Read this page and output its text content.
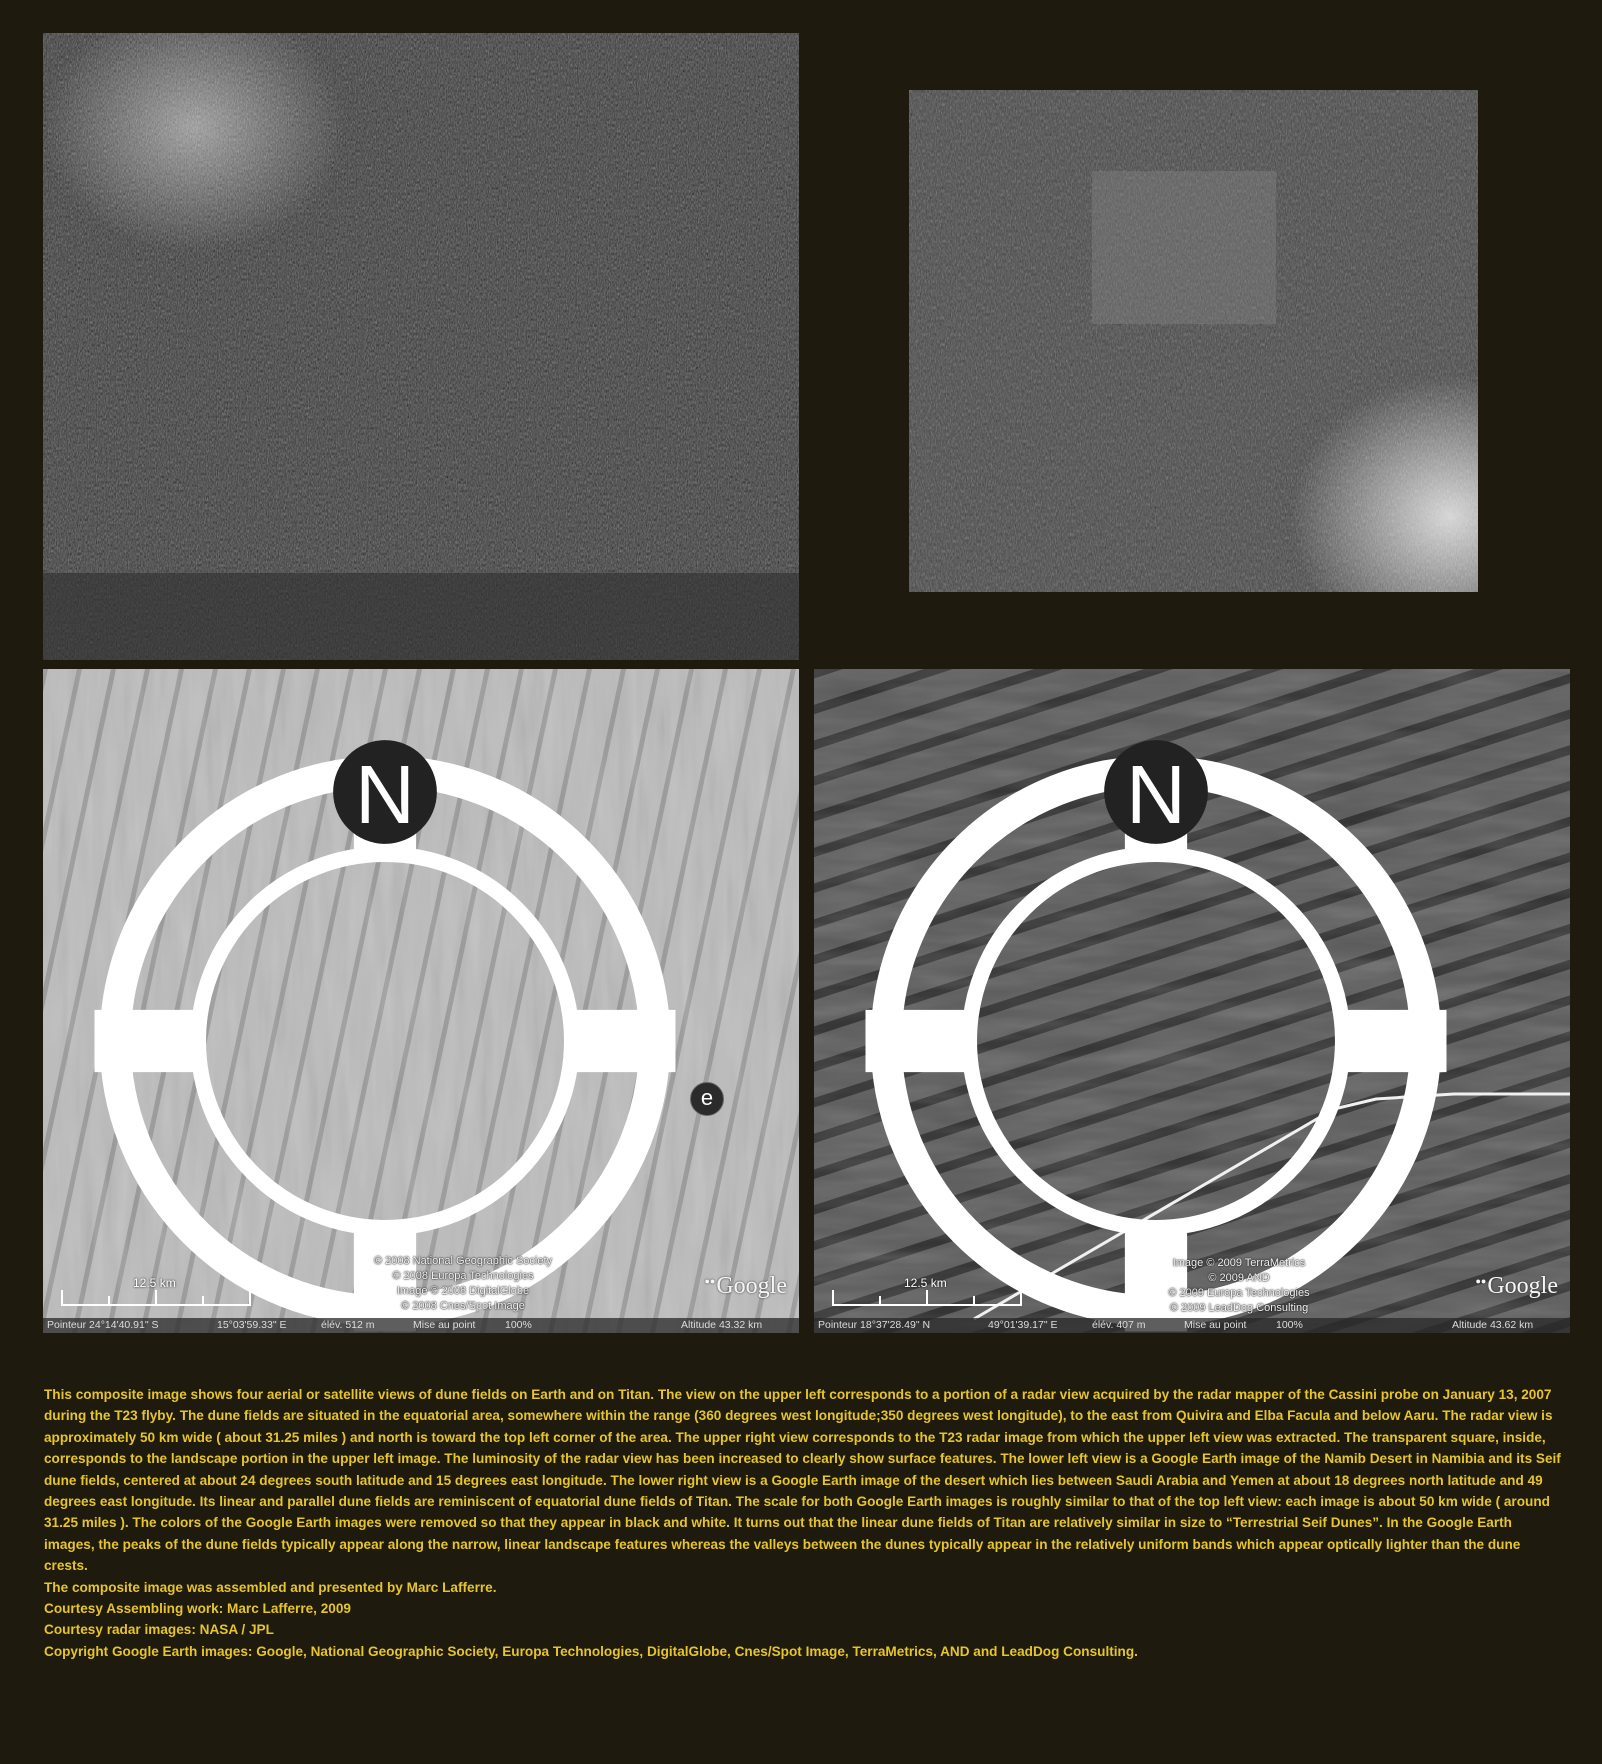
N
e
© 2008 National Geographic Society
© 2008 Europa Technologies
Image © 2008 DigitalGlobe
© 2008 Cnes/Spot Image
●●Google
12.5 km
Pointeur 24°14'40.91" S	15°03'59.33" E	élév. 512 m	Mise au point	100%	Altitude 43.32 km
N
Image © 2009 TerraMetrics
© 2009 AND
© 2009 Europa Technologies
© 2009 LeadDog Consulting
●●Google
12.5 km
Pointeur 18°37'28.49" N	49°01'39.17" E	élév. 407 m	Mise au point	100%	Altitude 43.62 km

This composite image shows four aerial or satellite views of dune fields on Earth and on Titan. The view on the upper left corresponds to a portion of a radar view acquired by the radar mapper of the Cassini probe on January 13, 2007 during the T23 flyby. The dune fields are situated in the equatorial area, somewhere within the range (360 degrees west longitude;350 degrees west longitude), to the east from Quivira and Elba Facula and below Aaru. The radar view is approximately 50 km wide ( about 31.25 miles ) and north is toward the top left corner of the area. The upper right view corresponds to the T23 radar image from which the upper left view was extracted. The transparent square, inside, corresponds to the landscape portion in the upper left image. The luminosity of the radar view has been increased to clearly show surface features. The lower left view is a Google Earth image of the Namib Desert in Namibia and its Seif dune fields, centered at about 24 degrees south latitude and 15 degrees east longitude. The lower right view is a Google Earth image of the desert which lies between Saudi Arabia and Yemen at about 18 degrees north latitude and 49 degrees east longitude. Its linear and parallel dune fields are reminiscent of equatorial dune fields of Titan. The scale for both Google Earth images is roughly similar to that of the top left view: each image is about 50 km wide ( around 31.25 miles ). The colors of the Google Earth images were removed so that they appear in black and white. It turns out that the linear dune fields of Titan are relatively similar in size to “Terrestrial Seif Dunes”. In the Google Earth images, the peaks of the dune fields typically appear along the narrow, linear landscape features whereas the valleys between the dunes typically appear in the relatively uniform bands which appear optically lighter than the dune crests.

The composite image was assembled and presented by Marc Lafferre.

Courtesy Assembling work: Marc Lafferre, 2009

Courtesy radar images: NASA / JPL

Copyright Google Earth images: Google, National Geographic Society, Europa Technologies, DigitalGlobe, Cnes/Spot Image, TerraMetrics, AND and LeadDog Consulting.
